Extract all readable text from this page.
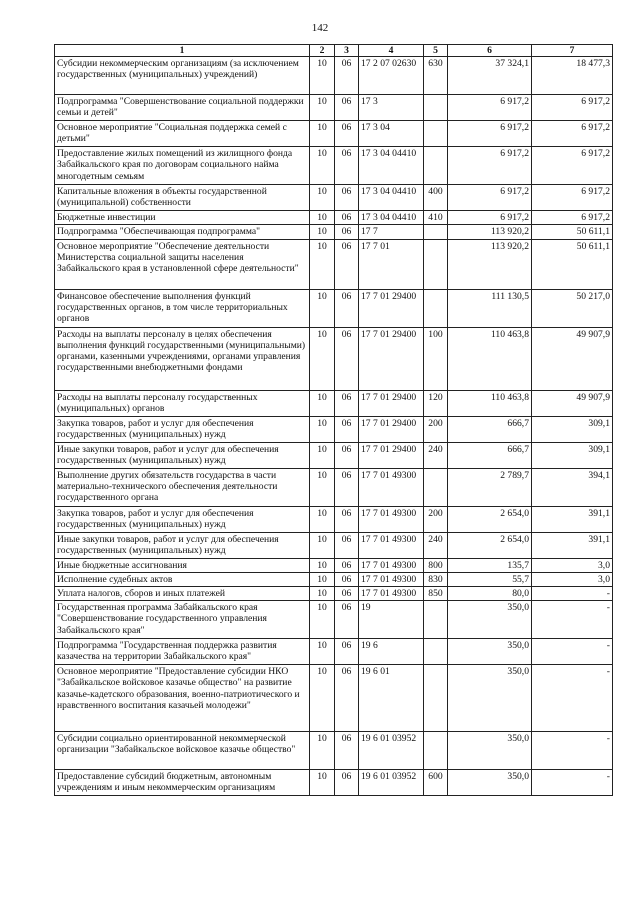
142
1	2	3	4	5	6	7
Субсидии некоммерческим организациям (за исключением государственных (муниципальных) учреждений)	10	06	17 2 07 02630	630	37 324,1	18 477,3
Подпрограмма "Совершенствование социальной поддержки семьи и детей"	10	06	17 3		6 917,2	6 917,2
Основное мероприятие "Социальная поддержка семей с детьми"	10	06	17 3 04		6 917,2	6 917,2
Предоставление жилых помещений из жилищного фонда Забайкальского края по договорам социального найма многодетным семьям	10	06	17 3 04 04410		6 917,2	6 917,2
Капитальные вложения в объекты государственной (муниципальной) собственности	10	06	17 3 04 04410	400	6 917,2	6 917,2
Бюджетные инвестиции	10	06	17 3 04 04410	410	6 917,2	6 917,2
Подпрограмма "Обеспечивающая подпрограмма"	10	06	17 7		113 920,2	50 611,1
Основное мероприятие "Обеспечение деятельности Министерства социальной защиты населения Забайкальского края в установленной сфере деятельности"	10	06	17 7 01		113 920,2	50 611,1
Финансовое обеспечение выполнения функций государственных органов, в том числе территориальных органов	10	06	17 7 01 29400		111 130,5	50 217,0
Расходы на выплаты персоналу в целях обеспечения выполнения функций государственными (муниципальными) органами, казенными учреждениями, органами управления государственными внебюджетными фондами	10	06	17 7 01 29400	100	110 463,8	49 907,9
Расходы на выплаты персоналу государственных (муниципальных) органов	10	06	17 7 01 29400	120	110 463,8	49 907,9
Закупка товаров, работ и услуг для обеспечения государственных (муниципальных) нужд	10	06	17 7 01 29400	200	666,7	309,1
Иные закупки товаров, работ и услуг для обеспечения государственных (муниципальных) нужд	10	06	17 7 01 29400	240	666,7	309,1
Выполнение других обязательств государства в части материально-технического обеспечения деятельности государственного органа	10	06	17 7 01 49300		2 789,7	394,1
Закупка товаров, работ и услуг для обеспечения государственных (муниципальных) нужд	10	06	17 7 01 49300	200	2 654,0	391,1
Иные закупки товаров, работ и услуг для обеспечения государственных (муниципальных) нужд	10	06	17 7 01 49300	240	2 654,0	391,1
Иные бюджетные ассигнования	10	06	17 7 01 49300	800	135,7	3,0
Исполнение судебных актов	10	06	17 7 01 49300	830	55,7	3,0
Уплата налогов, сборов и иных платежей	10	06	17 7 01 49300	850	80,0	-
Государственная программа Забайкальского края "Совершенствование государственного управления Забайкальского края"	10	06	19		350,0	-
Подпрограмма "Государственная поддержка развития казачества на территории Забайкальского края"	10	06	19 6		350,0	-
Основное мероприятие "Предоставление субсидии НКО "Забайкальское войсковое казачье общество" на развитие казачье-кадетского образования, военно-патриотического и нравственного воспитания казачьей молодежи"	10	06	19 6 01		350,0	-
Субсидии социально ориентированной некоммерческой организации "Забайкальское войсковое казачье общество"	10	06	19 6 01 03952		350,0	-
Предоставление субсидий бюджетным, автономным учреждениям и иным некоммерческим организациям	10	06	19 6 01 03952	600	350,0	-
